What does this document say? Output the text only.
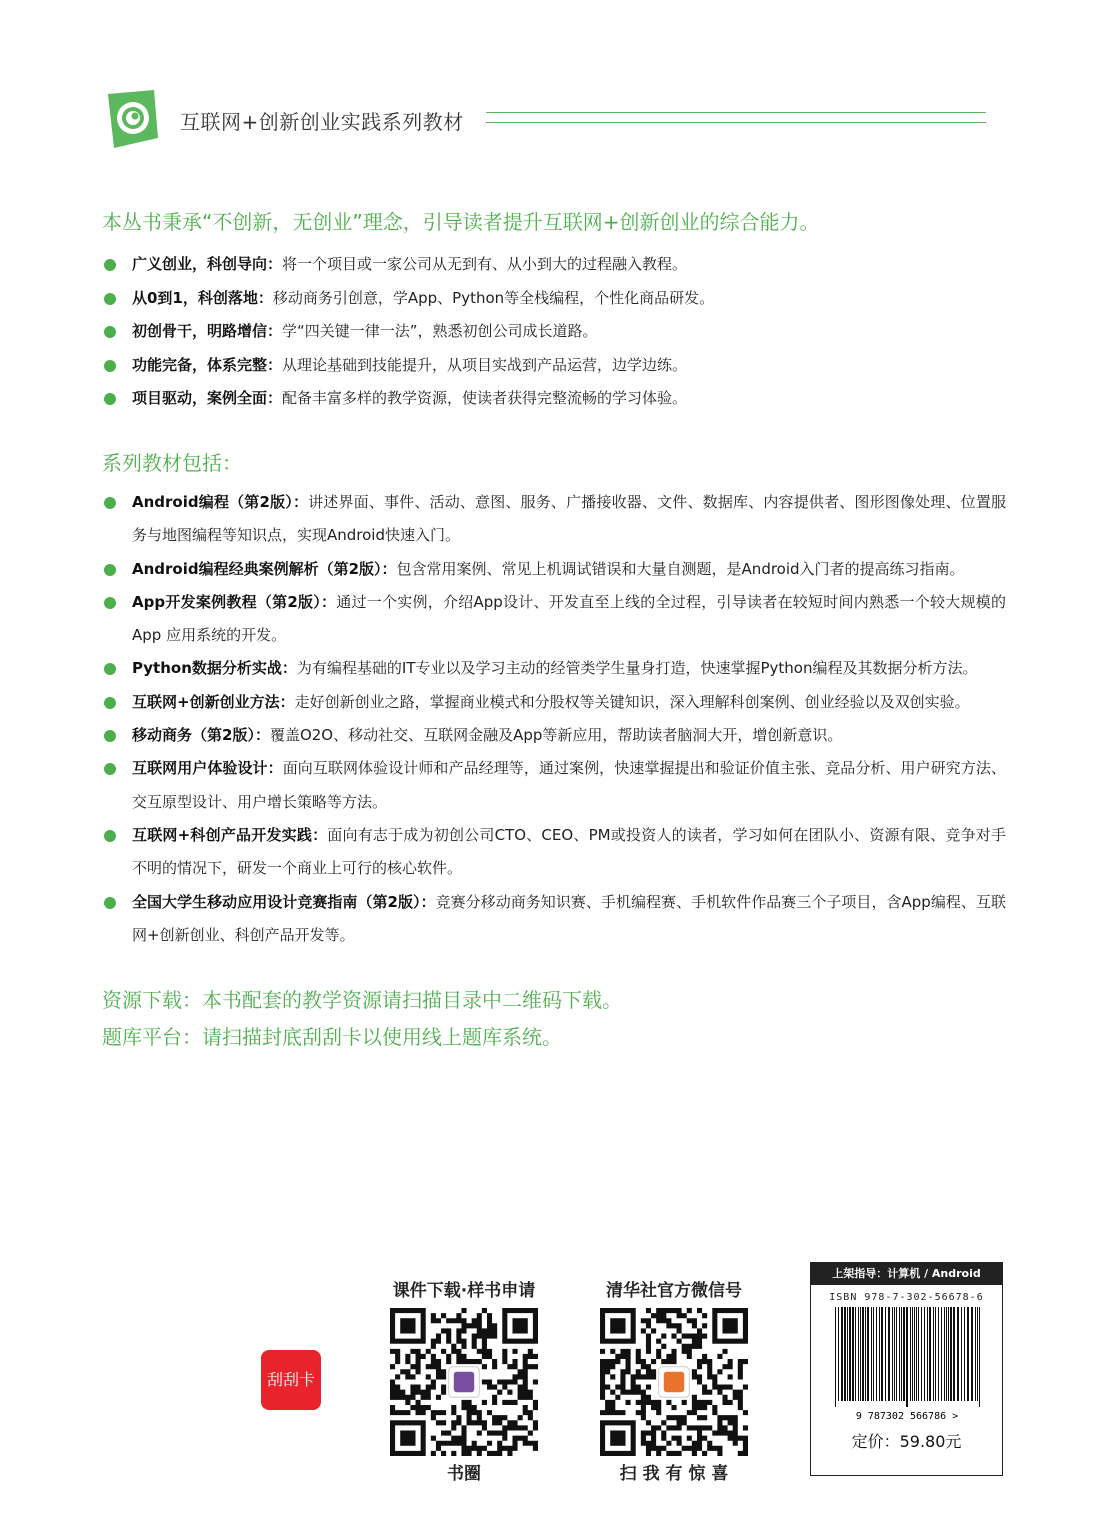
互联网+创新创业实践系列教材
本丛书秉承“不创新，无创业”理念，引导读者提升互联网+创新创业的综合能力。
广义创业，科创导向：将一个项目或一家公司从无到有、从小到大的过程融入教程。
从0到1，科创落地：移动商务引创意，学App、Python等全栈编程，个性化商品研发。
初创骨干，明路增信：学“四关键一律一法”，熟悉初创公司成长道路。
功能完备，体系完整：从理论基础到技能提升，从项目实战到产品运营，边学边练。
项目驱动，案例全面：配备丰富多样的教学资源，使读者获得完整流畅的学习体验。
系列教材包括：
Android编程（第2版）：讲述界面、事件、活动、意图、服务、广播接收器、文件、数据库、内容提供者、图形图像处理、位置服务与地图编程等知识点，实现Android快速入门。
Android编程经典案例解析（第2版）：包含常用案例、常见上机调试错误和大量自测题，是Android入门者的提高练习指南。
App开发案例教程（第2版）：通过一个实例，介绍App设计、开发直至上线的全过程，引导读者在较短时间内熟悉一个较大规模的App 应用系统的开发。
Python数据分析实战：为有编程基础的IT专业以及学习主动的经管类学生量身打造，快速掌握Python编程及其数据分析方法。
互联网+创新创业方法：走好创新创业之路，掌握商业模式和分股权等关键知识，深入理解科创案例、创业经验以及双创实验。
移动商务（第2版）：覆盖O2O、移动社交、互联网金融及App等新应用，帮助读者脑洞大开，增创新意识。
互联网用户体验设计：面向互联网体验设计师和产品经理等，通过案例，快速掌握提出和验证价值主张、竞品分析、用户研究方法、交互原型设计、用户增长策略等方法。
互联网+科创产品开发实践：面向有志于成为初创公司CTO、CEO、PM或投资人的读者，学习如何在团队小、资源有限、竞争对手不明的情况下，研发一个商业上可行的核心软件。
全国大学生移动应用设计竞赛指南（第2版）：竞赛分移动商务知识赛、手机编程赛、手机软件作品赛三个子项目，含App编程、互联网+创新创业、科创产品开发等。
资源下载：本书配套的教学资源请扫描目录中二维码下载。
题库平台：请扫描封底刮刮卡以使用线上题库系统。
刮刮卡
课件下载·样书申请
书圈
清华社官方微信号
扫 我 有 惊 喜
上架指导：计算机 / Android
ISBN 978-7-302-56678-6
9 787302 566786 >
定价：59.80元
